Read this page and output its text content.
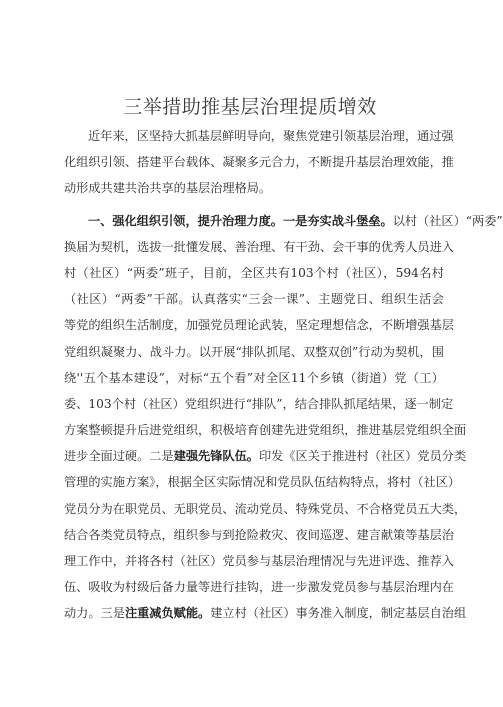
三举措助推基层治理提质增效
近年来，区坚持大抓基层鲜明导向，聚焦党建引领基层治理，通过强
化组织引领、搭建平台载体、凝聚多元合力，不断提升基层治理效能，推
动形成共建共治共享的基层治理格局。
一、强化组织引领，提升治理力度。一是夯实战斗堡垒。以村（社区）“两委”
换届为契机，选拔一批懂发展、善治理、有干劲、会干事的优秀人员进入
村（社区）“两委”班子，目前，全区共有103个村（社区），594名村
（社区）“两委”干部。认真落实“三会一课”、主题党日、组织生活会
等党的组织生活制度，加强党员理论武装，坚定理想信念，不断增强基层
党组织凝聚力、战斗力。以开展“排队抓尾、双整双创”行动为契机，围
绕''五个基本建设”，对标“五个看”对全区11个乡镇（街道）党（工）
委、103个村（社区）党组织进行“排队”，结合排队抓尾结果，逐一制定
方案整顿提升后进党组织，积极培育创建先进党组织，推进基层党组织全面
进步全面过硬。二是建强先锋队伍。印发《区关于推进村（社区）党员分类
管理的实施方案》，根据全区实际情况和党员队伍结构特点，将村（社区）
党员分为在职党员、无职党员、流动党员、特殊党员、不合格党员五大类，
结合各类党员特点，组织参与到抢险救灾、夜间巡逻、建言献策等基层治
理工作中，并将各村（社区）党员参与基层治理情况与先进评选、推荐入
伍、吸收为村级后备力量等进行挂钩，进一步激发党员参与基层治理内在
动力。三是注重减负赋能。建立村（社区）事务准入制度，制定基层自治组
